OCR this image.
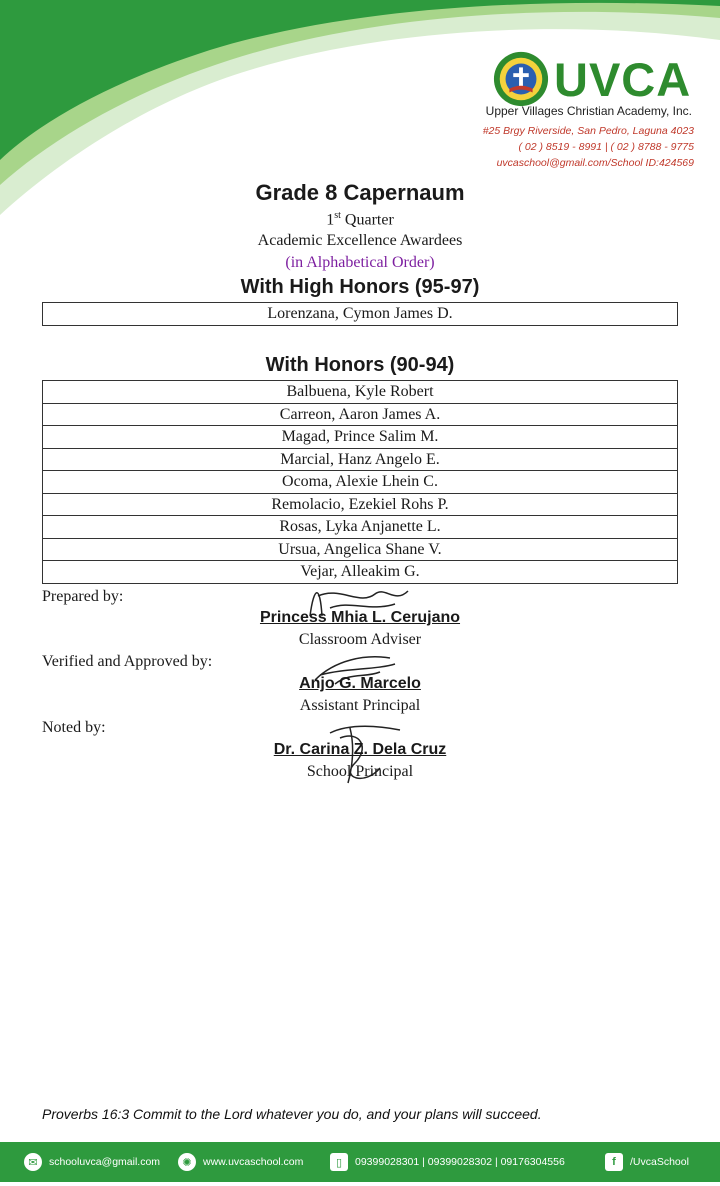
UVCA
Upper Villages Christian Academy, Inc.
#25 Brgy Riverside, San Pedro, Laguna 4023
( 02 ) 8519 - 8991 | ( 02 ) 8788 - 9775
uvcaschool@gmail.com/School ID:424569
Grade 8 Capernaum
1st Quarter
Academic Excellence Awardees
(in Alphabetical Order)
With High Honors (95-97)
Lorenzana, Cymon James D.
With Honors (90-94)
Balbuena, Kyle Robert
Carreon, Aaron James A.
Magad, Prince Salim M.
Marcial, Hanz Angelo E.
Ocoma, Alexie Lhein C.
Remolacio, Ezekiel Rohs P.
Rosas, Lyka Anjanette L.
Ursua, Angelica Shane V.
Vejar, Alleakim G.
Prepared by:
Princess Mhia L. Cerujano
Classroom Adviser
Verified and Approved by:
Anjo G. Marcelo
Assistant Principal
Noted by:
Dr. Carina Z. Dela Cruz
School Principal
Proverbs 16:3 Commit to the Lord whatever you do, and your plans will succeed.
✉	schooluvca@gmail.com	✺	www.uvcaschool.com	▯	09399028301 | 09399028302 | 09176304556	f	/UvcaSchool
